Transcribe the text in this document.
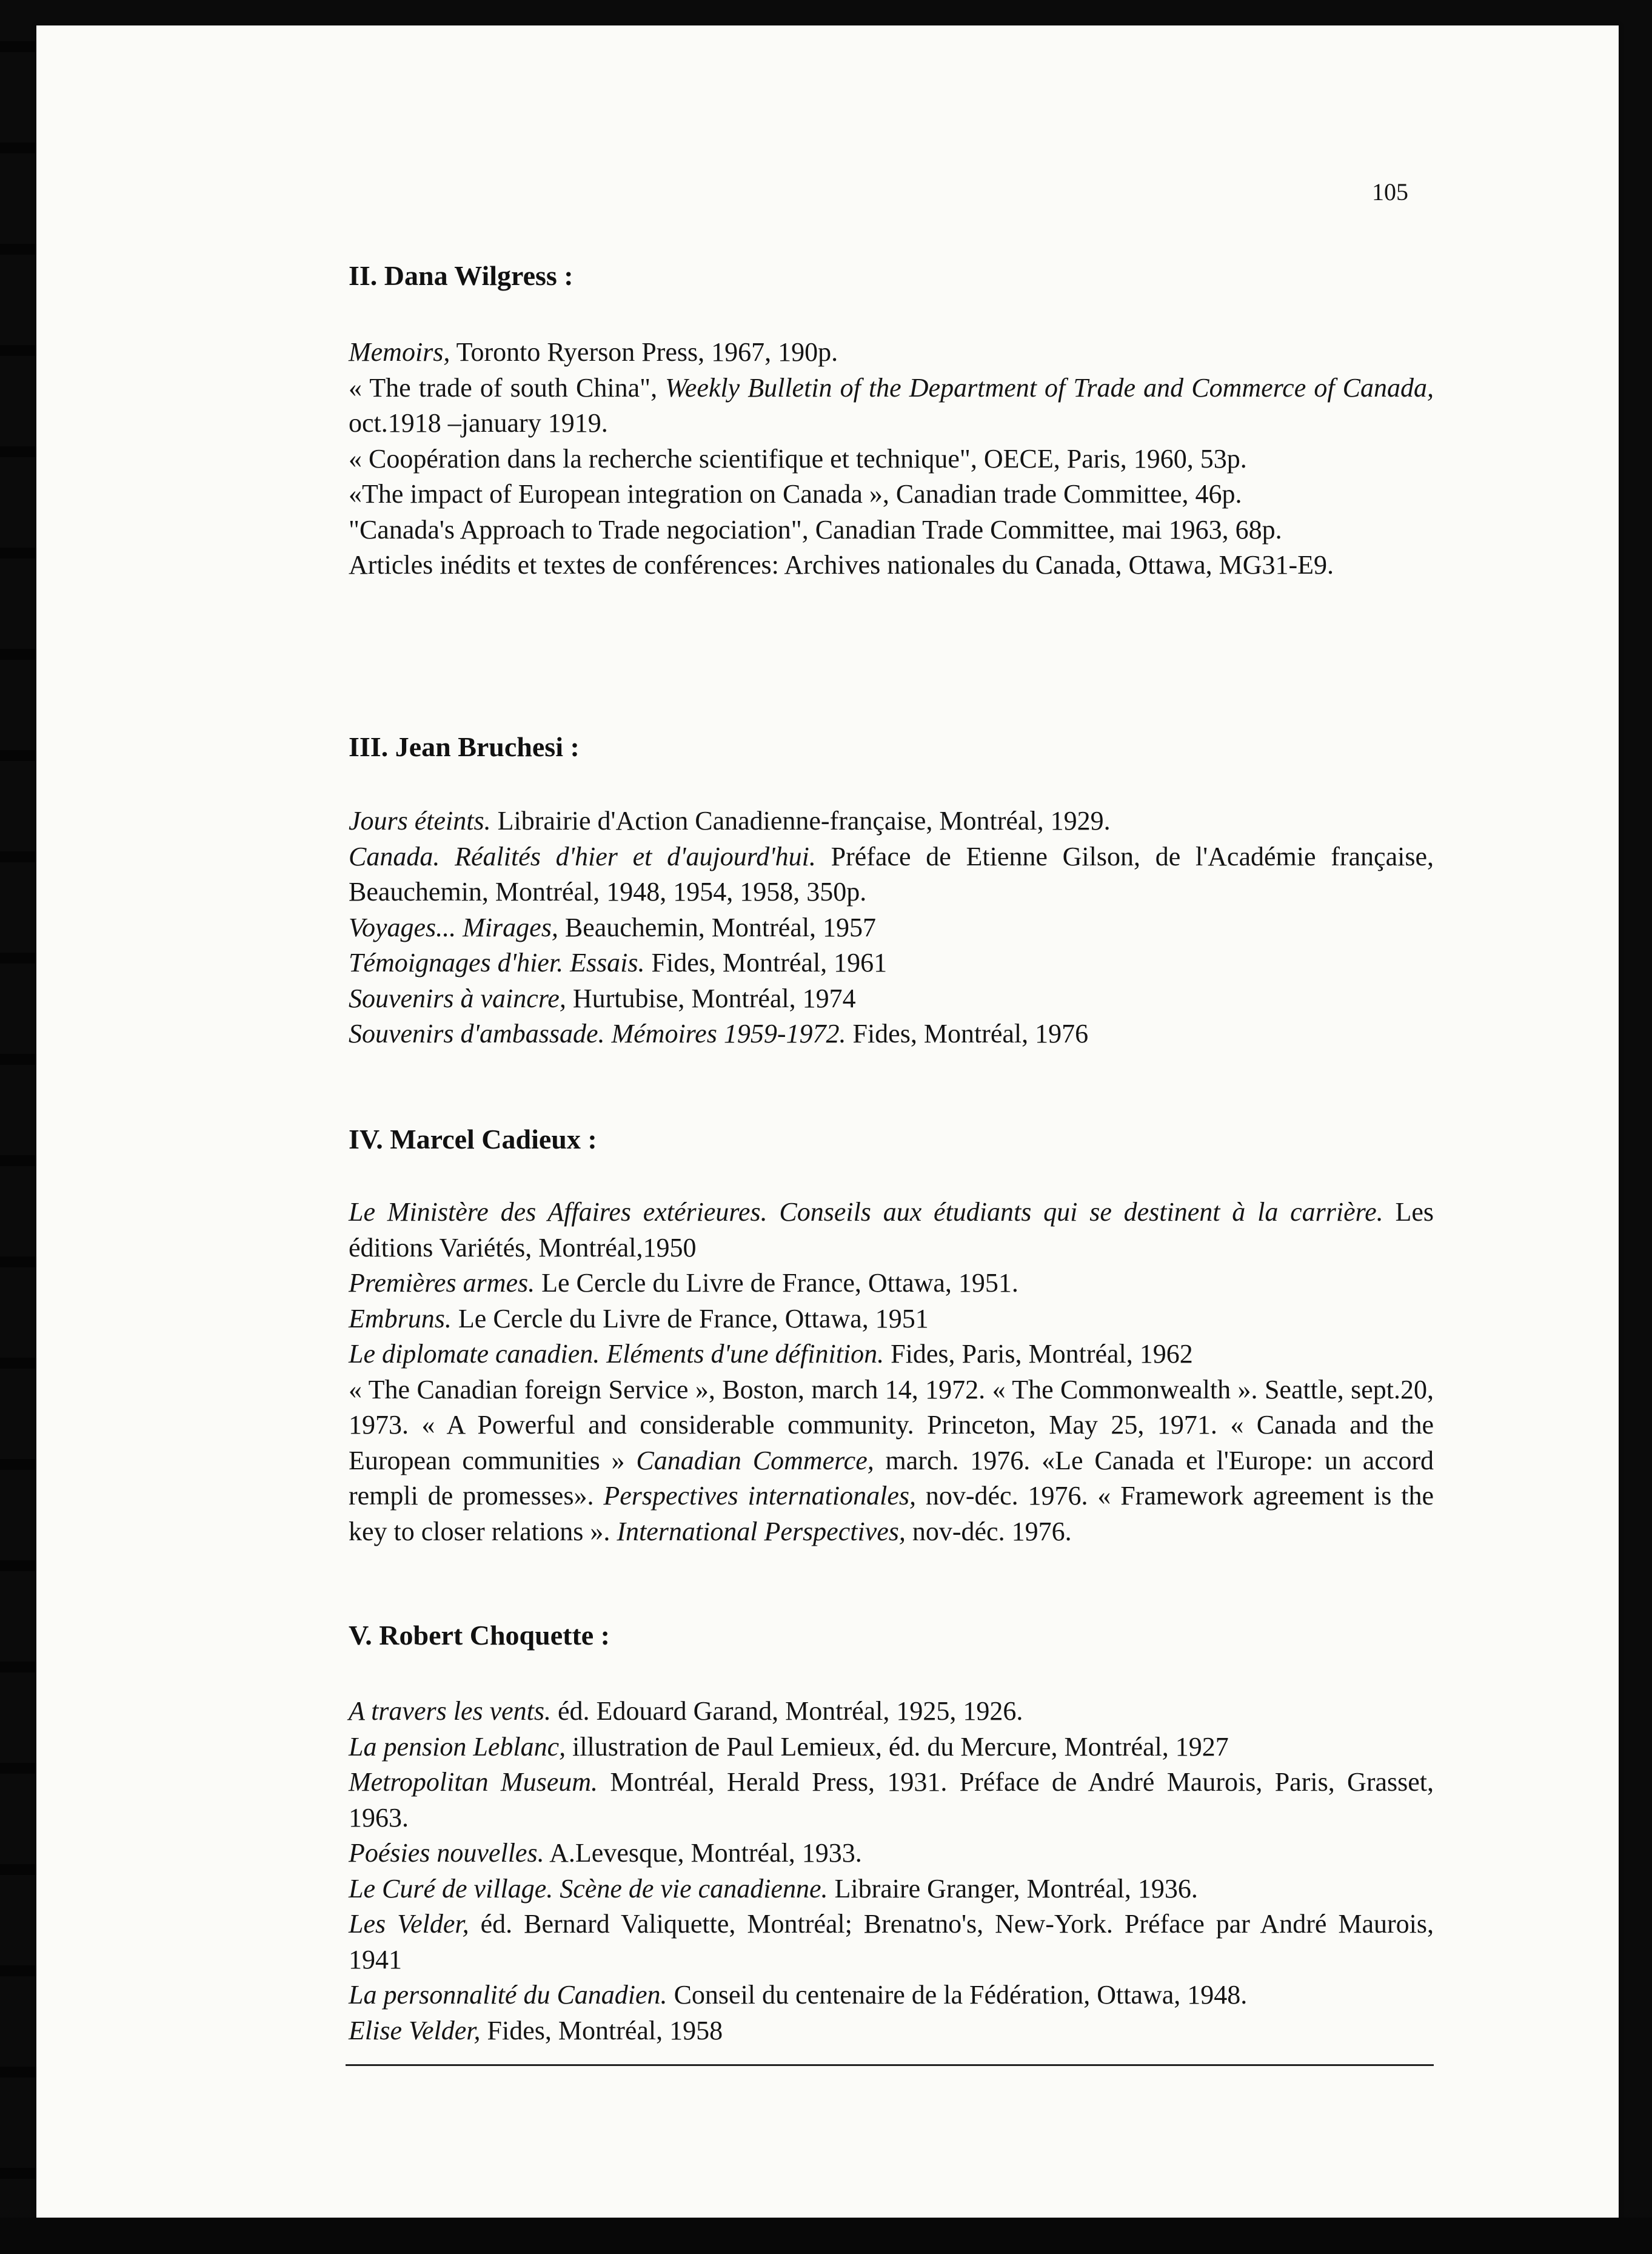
105
II. Dana Wilgress :
Memoirs, Toronto Ryerson Press, 1967, 190p.
« The trade of south China", Weekly Bulletin of the Department of Trade and Commerce of Canada, oct.1918 –january 1919.
« Coopération dans la recherche scientifique et technique", OECE, Paris, 1960, 53p.
«The impact of European integration on Canada », Canadian trade Committee, 46p.
"Canada's Approach to Trade negociation", Canadian Trade Committee, mai 1963, 68p.
Articles inédits et textes de conférences: Archives nationales du Canada, Ottawa, MG31-E9.
III. Jean Bruchesi :
Jours éteints. Librairie d'Action Canadienne-française, Montréal, 1929.
Canada. Réalités d'hier et d'aujourd'hui. Préface de Etienne Gilson, de l'Académie française, Beauchemin, Montréal, 1948, 1954, 1958, 350p.
Voyages... Mirages, Beauchemin, Montréal, 1957
Témoignages d'hier. Essais. Fides, Montréal, 1961
Souvenirs à vaincre, Hurtubise, Montréal, 1974
Souvenirs d'ambassade. Mémoires 1959-1972. Fides, Montréal, 1976
IV. Marcel Cadieux :
Le Ministère des Affaires extérieures. Conseils aux étudiants qui se destinent à la carrière. Les éditions Variétés, Montréal,1950
Premières armes. Le Cercle du Livre de France, Ottawa, 1951.
Embruns. Le Cercle du Livre de France, Ottawa, 1951
Le diplomate canadien. Eléments d'une définition. Fides, Paris, Montréal, 1962
« The Canadian foreign Service », Boston, march 14, 1972. « The Commonwealth ». Seattle, sept.20, 1973. « A Powerful and considerable community. Princeton, May 25, 1971. « Canada and the European communities » Canadian Commerce, march. 1976. «Le Canada et l'Europe: un accord rempli de promesses». Perspectives internationales, nov-déc. 1976. « Framework agreement is the key to closer relations ». International Perspectives, nov-déc. 1976.
V. Robert Choquette :
A travers les vents. éd. Edouard Garand, Montréal, 1925, 1926.
La pension Leblanc, illustration de Paul Lemieux, éd. du Mercure, Montréal, 1927
Metropolitan Museum. Montréal, Herald Press, 1931. Préface de André Maurois, Paris, Grasset, 1963.
Poésies nouvelles. A.Levesque, Montréal, 1933.
Le Curé de village. Scène de vie canadienne. Libraire Granger, Montréal, 1936.
Les Velder, éd. Bernard Valiquette, Montréal; Brenatno's, New-York. Préface par André Maurois, 1941
La personnalité du Canadien. Conseil du centenaire de la Fédération, Ottawa, 1948.
Elise Velder, Fides, Montréal, 1958
